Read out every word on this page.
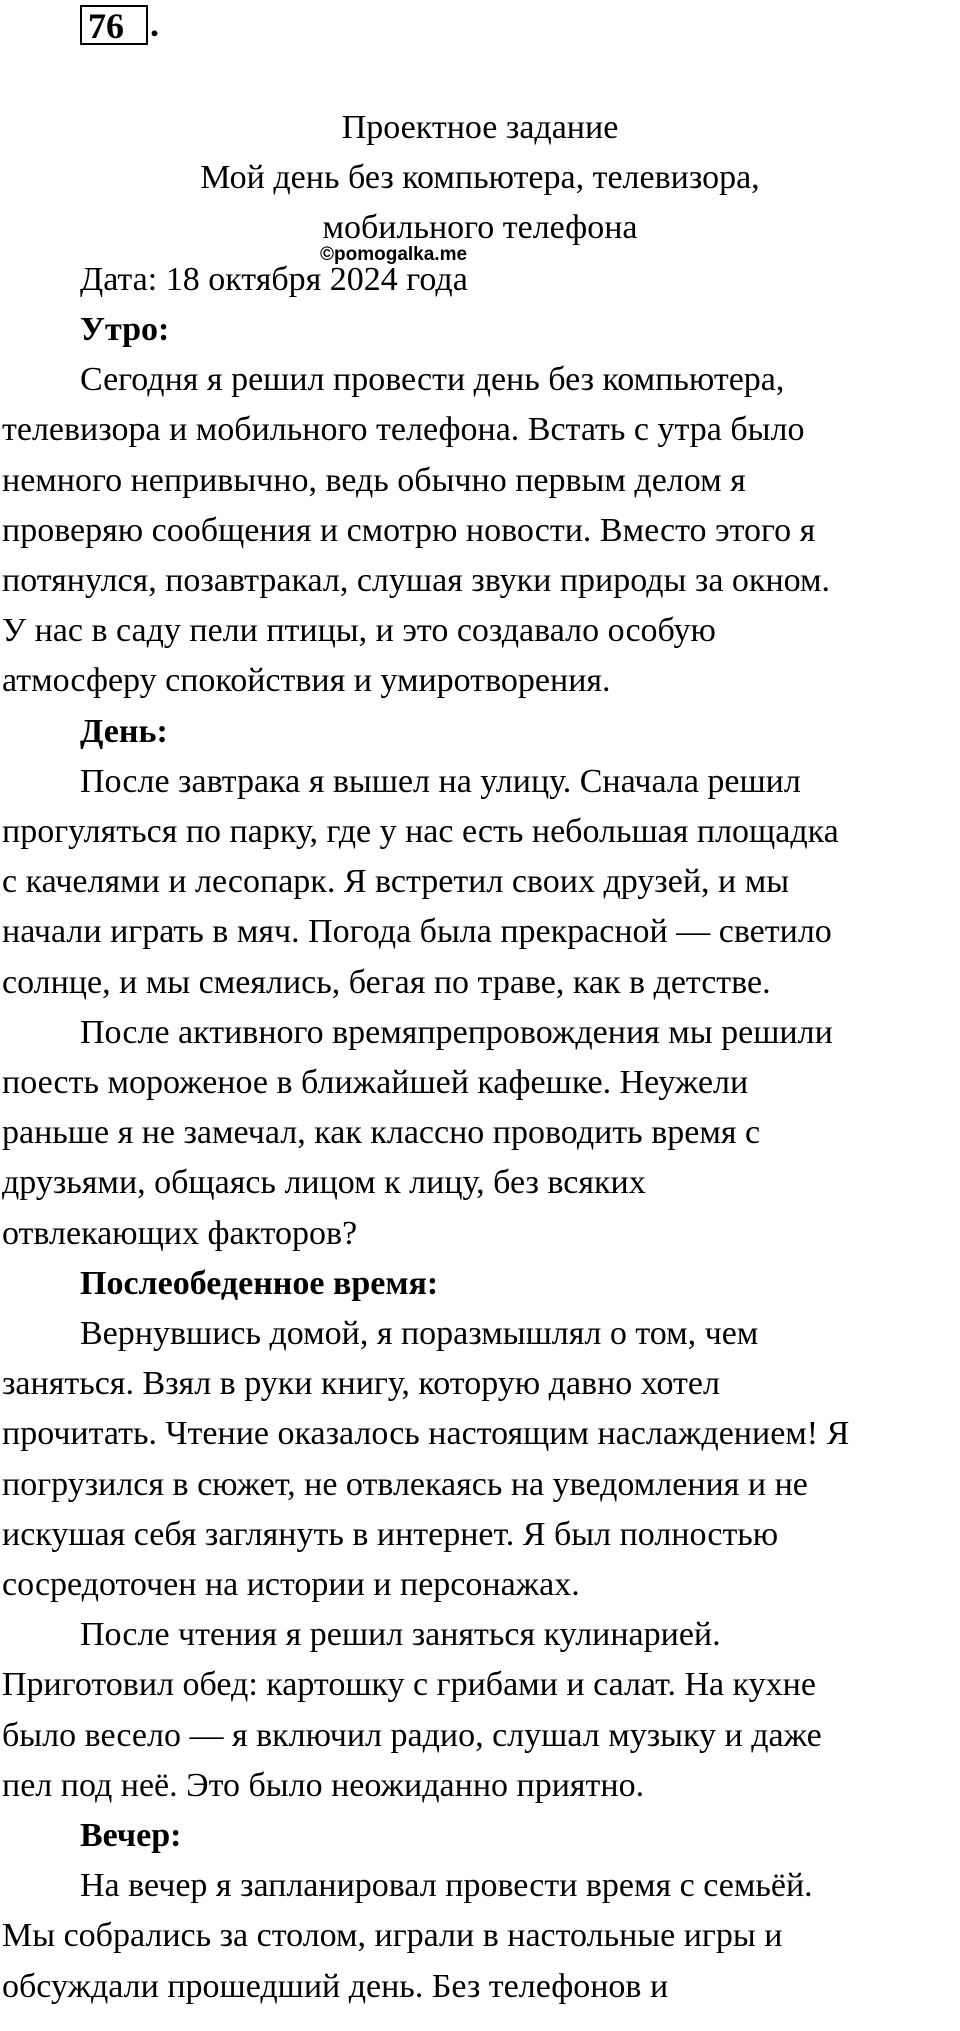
76 .
Проектное задание
Мой день без компьютера, телевизора,
мобильного телефона
©pomogalka.me
Дата: 18 октября 2024 года
Утро:
Сегодня я решил провести день без компьютера,
телевизора и мобильного телефона. Встать с утра было
немного непривычно, ведь обычно первым делом я
проверяю сообщения и смотрю новости. Вместо этого я
потянулся, позавтракал, слушая звуки природы за окном.
У нас в саду пели птицы, и это создавало особую
атмосферу спокойствия и умиротворения.
День:
После завтрака я вышел на улицу. Сначала решил
прогуляться по парку, где у нас есть небольшая площадка
с качелями и лесопарк. Я встретил своих друзей, и мы
начали играть в мяч. Погода была прекрасной — светило
солнце, и мы смеялись, бегая по траве, как в детстве.
После активного времяпрепровождения мы решили
поесть мороженое в ближайшей кафешке. Неужели
раньше я не замечал, как классно проводить время с
друзьями, общаясь лицом к лицу, без всяких
отвлекающих факторов?
Послеобеденное время:
Вернувшись домой, я поразмышлял о том, чем
заняться. Взял в руки книгу, которую давно хотел
прочитать. Чтение оказалось настоящим наслаждением! Я
погрузился в сюжет, не отвлекаясь на уведомления и не
искушая себя заглянуть в интернет. Я был полностью
сосредоточен на истории и персонажах.
После чтения я решил заняться кулинарией.
Приготовил обед: картошку с грибами и салат. На кухне
было весело — я включил радио, слушал музыку и даже
пел под неё. Это было неожиданно приятно.
Вечер:
На вечер я запланировал провести время с семьёй.
Мы собрались за столом, играли в настольные игры и
обсуждали прошедший день. Без телефонов и
